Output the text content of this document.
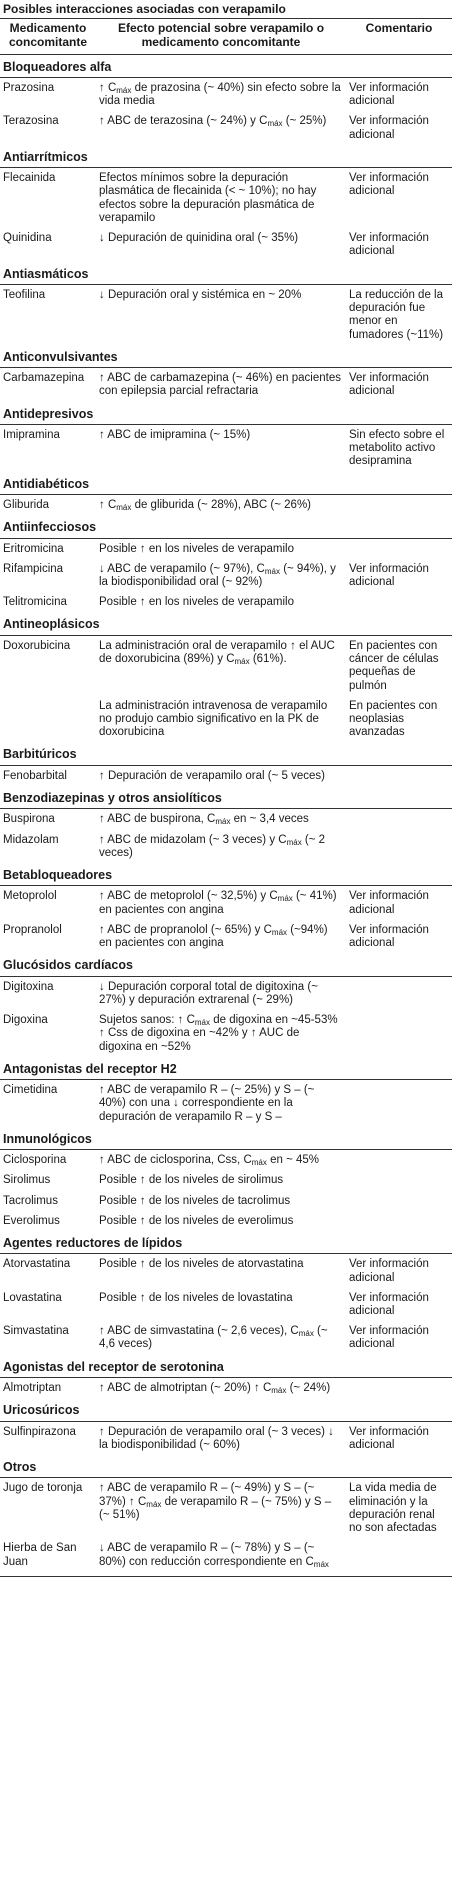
Posibles interacciones asociadas con verapamilo
Medicamento concomitante	Efecto potencial sobre verapamilo o medicamento concomitante	Comentario
Bloqueadores alfa		
Prazosina	↑ $C_{máx}$ de prazosina (~ 40%) sin efecto sobre la vida media	Ver información adicional
Terazosina	↑ ABC de terazosina (~ 24%) y $C_{máx}$ (~ 25%)	Ver información adicional
Antiarrítmicos		
Flecainida	Efectos mínimos sobre la depuración plasmática de flecainida (< ~ 10%); no hay efectos sobre la depuración plasmática de verapamilo	Ver información adicional
Quinidina	↓ Depuración de quinidina oral (~ 35%)	Ver información adicional
Antiasmáticos		
Teofilina	↓ Depuración oral y sistémica en ~ 20%	La reducción de la depuración fue menor en fumadores (~11%)
Anticonvulsivantes		
Carbamazepina	↑ ABC de carbamazepina (~ 46%) en pacientes con epilepsia parcial refractaria	Ver información adicional
Antidepresivos		
Imipramina	↑ ABC de imipramina (~ 15%)	Sin efecto sobre el metabolito activo desipramina
Antidiabéticos		
Gliburida	↑ $C_{máx}$ de gliburida (~ 28%), ABC (~ 26%)	
Antiinfecciosos		
Eritromicina	Posible ↑ en los niveles de verapamilo	
Rifampicina	↓ ABC de verapamilo (~ 97%), $C_{máx}$ (~ 94%), y la biodisponibilidad oral (~ 92%)	Ver información adicional
Telitromicina	Posible ↑ en los niveles de verapamilo	
Antineoplásicos		
Doxorubicina	La administración oral de verapamilo ↑ el AUC de doxorubicina (89%) y $C_{máx}$ (61%).	En pacientes con cáncer de células pequeñas de pulmón
	La administración intravenosa de verapamilo no produjo cambio significativo en la PK de doxorubicina	En pacientes con neoplasias avanzadas
Barbitúricos		
Fenobarbital	↑ Depuración de verapamilo oral (~ 5 veces)	
Benzodiazepinas y otros ansiolíticos		
Buspirona	↑ ABC de buspirona, $C_{máx}$ en ~ 3,4 veces	
Midazolam	↑ ABC de midazolam (~ 3 veces) y $C_{máx}$ (~ 2 veces)	
Betabloqueadores		
Metoprolol	↑ ABC de metoprolol (~ 32,5%) y $C_{máx}$ (~ 41%) en pacientes con angina	Ver información adicional
Propranolol	↑ ABC de propranolol (~ 65%) y $C_{máx}$ (~94%) en pacientes con angina	Ver información adicional
Glucósidos cardíacos		
Digitoxina	↓ Depuración corporal total de digitoxina (~ 27%) y depuración extrarenal (~ 29%)	
Digoxina	Sujetos sanos: ↑ $C_{máx}$ de digoxina en ~45-53% ↑ Css de digoxina en ~42% y ↑ AUC de digoxina en ~52%	
Antagonistas del receptor H2		
Cimetidina	↑ ABC de verapamilo R – (~ 25%) y S – (~ 40%) con una ↓ correspondiente en la depuración de verapamilo R – y S –	
Inmunológicos		
Ciclosporina	↑ ABC de ciclosporina, Css, $C_{máx}$ en ~ 45%	
Sirolimus	Posible ↑ de los niveles de sirolimus	
Tacrolimus	Posible ↑ de los niveles de tacrolimus	
Everolimus	Posible ↑ de los niveles de everolimus	
Agentes reductores de lípidos		
Atorvastatina	Posible ↑ de los niveles de atorvastatina	Ver información adicional
Lovastatina	Posible ↑ de los niveles de lovastatina	Ver información adicional
Simvastatina	↑ ABC de simvastatina (~ 2,6 veces), $C_{máx}$ (~ 4,6 veces)	Ver información adicional
Agonistas del receptor de serotonina		
Almotriptan	↑ ABC de almotriptan (~ 20%) ↑ $C_{máx}$ (~ 24%)	
Uricosúricos		
Sulfinpirazona	↑ Depuración de verapamilo oral (~ 3 veces) ↓ la biodisponibilidad (~ 60%)	Ver información adicional
Otros		
Jugo de toronja	↑ ABC de verapamilo R – (~ 49%) y S – (~ 37%) ↑ $C_{máx}$ de verapamilo R – (~ 75%) y S – (~ 51%)	La vida media de eliminación y la depuración renal no son afectadas
Hierba de San Juan	↓ ABC de verapamilo R – (~ 78%) y S – (~ 80%) con reducción correspondiente en $C_{máx}$	
